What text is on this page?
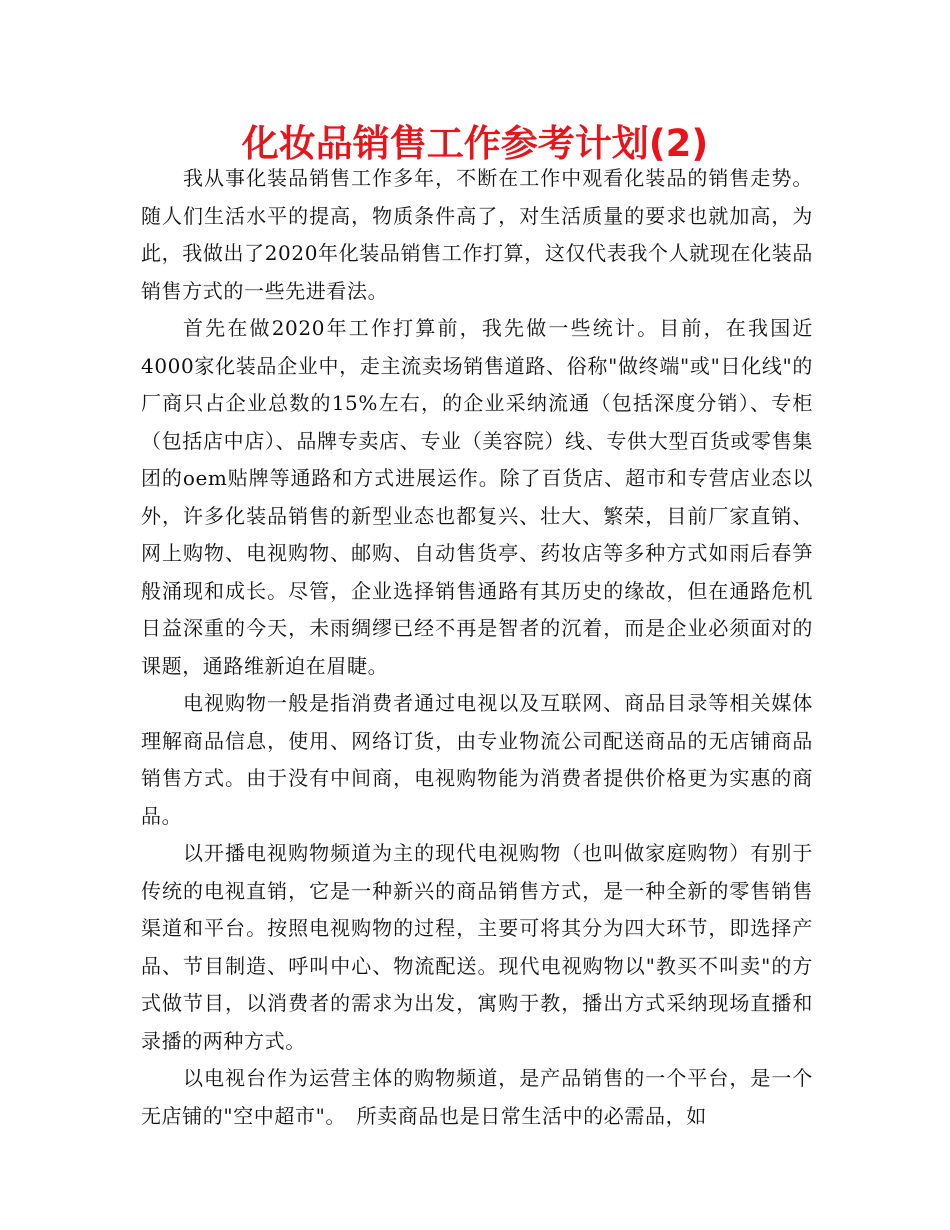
化妆品销售工作参考计划(2)

我从事化装品销售工作多年，不断在工作中观看化装品的销售走势。随人们生活水平的提高，物质条件高了，对生活质量的要求也就加高，为此，我做出了2020年化装品销售工作打算，这仅代表我个人就现在化装品销售方式的一些先进看法。

首先在做2020年工作打算前，我先做一些统计。目前，在我国近4000家化装品企业中，走主流卖场销售道路、俗称"做终端"或"日化线"的厂商只占企业总数的15%左右，的企业采纳流通（包括深度分销）、专柜（包括店中店）、品牌专卖店、专业（美容院）线、专供大型百货或零售集团的oem贴牌等通路和方式进展运作。除了百货店、超市和专营店业态以外，许多化装品销售的新型业态也都复兴、壮大、繁荣，目前厂家直销、网上购物、电视购物、邮购、自动售货亭、药妆店等多种方式如雨后春笋般涌现和成长。尽管，企业选择销售通路有其历史的缘故，但在通路危机日益深重的今天，未雨绸缪已经不再是智者的沉着，而是企业必须面对的课题，通路维新迫在眉睫。

电视购物一般是指消费者通过电视以及互联网、商品目录等相关媒体理解商品信息，使用、网络订货，由专业物流公司配送商品的无店铺商品销售方式。由于没有中间商，电视购物能为消费者提供价格更为实惠的商品。

以开播电视购物频道为主的现代电视购物（也叫做家庭购物）有别于传统的电视直销，它是一种新兴的商品销售方式，是一种全新的零售销售渠道和平台。按照电视购物的过程，主要可将其分为四大环节，即选择产品、节目制造、呼叫中心、物流配送。现代电视购物以"教买不叫卖"的方式做节目，以消费者的需求为出发，寓购于教，播出方式采纳现场直播和录播的两种方式。

以电视台作为运营主体的购物频道，是产品销售的一个平台，是一个无店铺的"空中超市"。　所卖商品也是日常生活中的必需品，如
